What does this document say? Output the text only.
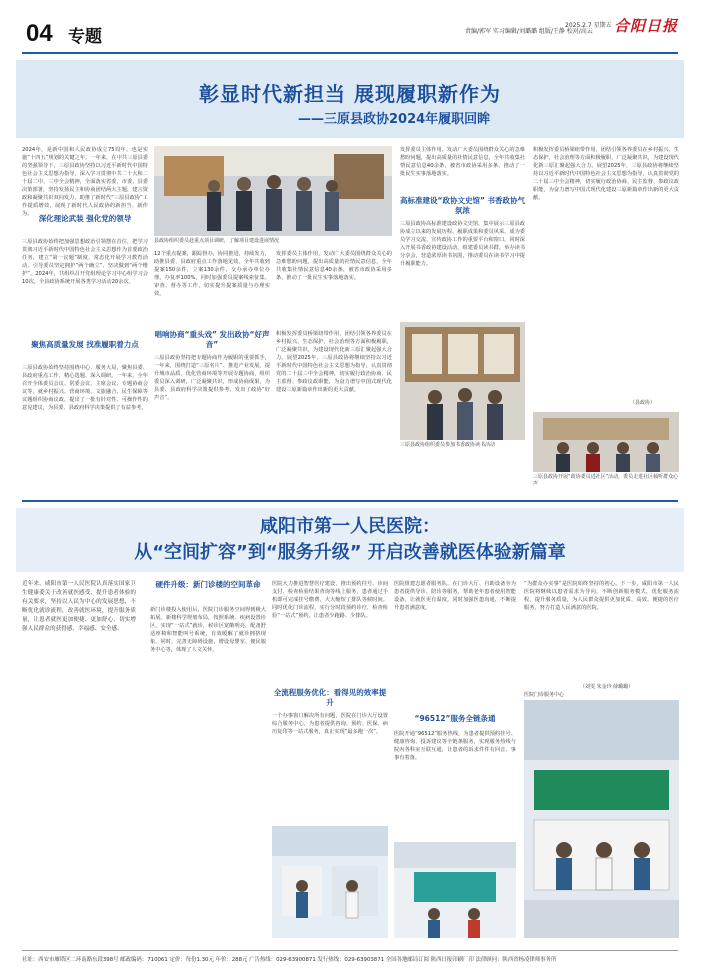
04 专题
2025.2.7 星期五
责编/郭军 实习编辑/刘璐璐 组版/王静 校对/高云 合阳日报
彰显时代新担当 展现履职新作为
——三原县政协2024年履职回眸
2024年，是新中国和人民政协成立75周年，也是实施“十四五”规划的关键之年。一年来，在中共三原县委的坚强领导下，三原县政协坚持以习近平新时代中国特色社会主义思想为指导，深入学习贯彻中共二十大和二十届二中、三中全会精神，全面落实省委、市委、县委决策部署，坚持发扬民主和协商团结两大主题，建言资政和凝聚共识双向发力，助推了新时代“三原县政协”工作提质增效，展现了新时代人民政协的新担当、新作为。 深化理论武装 强化党的领导
三原县政协始终把加强思想政治引领摆在首位，把学习贯彻习近平新时代中国特色社会主义思想作为首要政治任务，建立“第一议题”制度，常态化开展学习教育活动，引导委员坚定拥护“两个确立”、坚决做到“两个维护”。2024年，共组织召开党组理论学习中心组学习会10次，全县政协系统开展各类学习活动20余次。
聚焦高质量发展 找准履职着力点
三原县政协始终坚持围绕中心、服务大局，聚焦县委、县政府重点工作，精心选题、深入调研。一年来，全年召开全体委员会议、常委会议、主席会议、专题协商会议等，就乡村振兴、营商环境、文旅融合、民生保障等议题组织协商议政，提出了一批有针对性、可操作性的意见建议，为县委、县政府科学决策提供了有益参考。
县政协组织委员赴重点项目调研，了解项目建设进展情况
12个重点提案，跟踪督办，协同推进，持续发力，助推县委、县政府重点工作落地见效。全年共收到提案150余件，立案130余件，交办承办单位办理，办复率100%。同时加强委员提案线索征集、审查、督办等工作，切实提升提案质量与办理实效。
唱响协商“重头戏” 发出政协“好声音”
三原县政协坚持把专题协商作为履职的重要抓手，一年来，围绕打造“三原名片”、推进产业发展、提升城市品质、优化营商环境等开展专题协商，组织委员深入调研，广泛凝聚共识，形成协商成果，为县委、县政府科学决策提供参考，发出了政协“好声音”。
发挥委员主体作用，发动广大委员围绕群众关心的急难愁盼问题，提出高质量的社情民意信息，全年共收集社情民意信息40余条，被省市政协采用多条，推动了一批民生实事落地落实。
发挥委员主体作用，发动广大委员围绕群众关心的急难愁盼问题，提出高质量的社情民意信息，全年共收集社情民意信息40余条，被省市政协采用多条，推动了一批民生实事落地落实。
高标准建设“政协文史馆” 书香政协气氛浓
三原县政协高标准建设政协文史馆，集中展示三原县政协成立以来的发展历程、履职成果和委员风采，成为委员学习交流、宣传政协工作的重要平台和窗口。同时深入开展书香政协建设活动，组建委员读书群，举办读书分享会，营造浓厚读书氛围，推动委员在读书学习中提升履职能力。
积极发挥委员桥梁纽带作用，团结引领各界委员在乡村振兴、生态保护、社会治理等方面积极履职，广泛凝聚共识，为建设现代化新三原汇聚起强大合力。展望2025年，三原县政协将继续坚持以习近平新时代中国特色社会主义思想为指导，认真贯彻党的二十届三中全会精神，切实履行政治协商、民主监督、参政议政职能，为奋力谱写中国式现代化建设三原新篇章作出新的更大贡献。
三原县政协组织委员参加书香政协读书活动
积极发挥委员桥梁纽带作用，团结引领各界委员在乡村振兴、生态保护、社会治理等方面积极履职，广泛凝聚共识，为建设现代化新三原汇聚起强大合力。展望2025年，三原县政协将继续坚持以习近平新时代中国特色社会主义思想为指导，认真贯彻党的二十届三中全会精神，切实履行政治协商、民主监督、参政议政职能，为奋力谱写中国式现代化建设三原新篇章作出新的更大贡献。
（县政协）
三原县政协开展“政协委员进社区”活动，委员走进社区倾听群众心声
咸阳市第一人民医院：
从“空间扩容”到“服务升级” 开启改善就医体验新篇章
近年来，咸阳市第一人民医院认真落实国家卫生健康委关于改善就医感受、提升患者体验的有关要求，坚持以人民为中心的发展思想，不断优化就诊流程，改善就医环境，提升服务质量，让患者就医更加便捷、更加舒心，切实增强人民群众的获得感、幸福感、安全感。
硬件升级：新门诊楼的空间革命
新门诊楼投入使用后，医院门诊服务空间得到极大拓展。新楼科学规划布局，按照系统、疾病设置诊区，实现“一站式”就诊，候诊区宽敞明亮，配备舒适座椅和智能叫号系统，有效缓解了就诊拥挤现象。同时，完善无障碍设施，增设母婴室、便民服务中心等，体现了人文关怀。
医院大力推进智慧医疗建设，推出预约挂号、诊间支付、检查检验结果查询等线上服务，患者通过手机即可完成挂号缴费，大大缩短了排队等候时间。同时优化门诊流程，实行分时段预约诊疗，检查检验“一站式”预约，让患者少跑路、少排队。
全流程服务优化：看得见的效率提升
一个办事窗口解决所有问题，医院在门诊大厅设置综合服务中心，为患者提供咨询、预约、医保、病历复印等一站式服务，真正实现“最多跑一次”。
医院组建志愿者服务队，在门诊大厅、自助设备旁为患者提供导诊、陪诊等服务，帮助老年患者使用智能设备，让就医更有温度。同时加强医患沟通，不断提升患者满意度。
“96512”服务全链条通
医院开通“96512”服务热线，为患者提供预约挂号、健康咨询、投诉建议等全链条服务，实现服务热线与院内各科室互联互通，让患者的诉求件件有回音、事事有着落。
“为群众办实事”是医院始终坚持的初心。下一步，咸阳市第一人民医院将继续以患者需求为导向，不断创新服务模式，优化服务流程，提升服务质量，为人民群众提供更加优质、高效、便捷的医疗服务，努力打造人民满意的医院。
（刘雯 朱金玲 薛璐璐）
医院门诊服务中心
社址：西安市雁塔区二环南路东段398号 邮政编码：710061 定价：每份1.30元 年价：288元 广告热线：029-63900871 发行热线：029-63903871 全国各地邮局订阅 陕西日报印刷厂印 法律顾问：陕西省杨凌律师事务所
